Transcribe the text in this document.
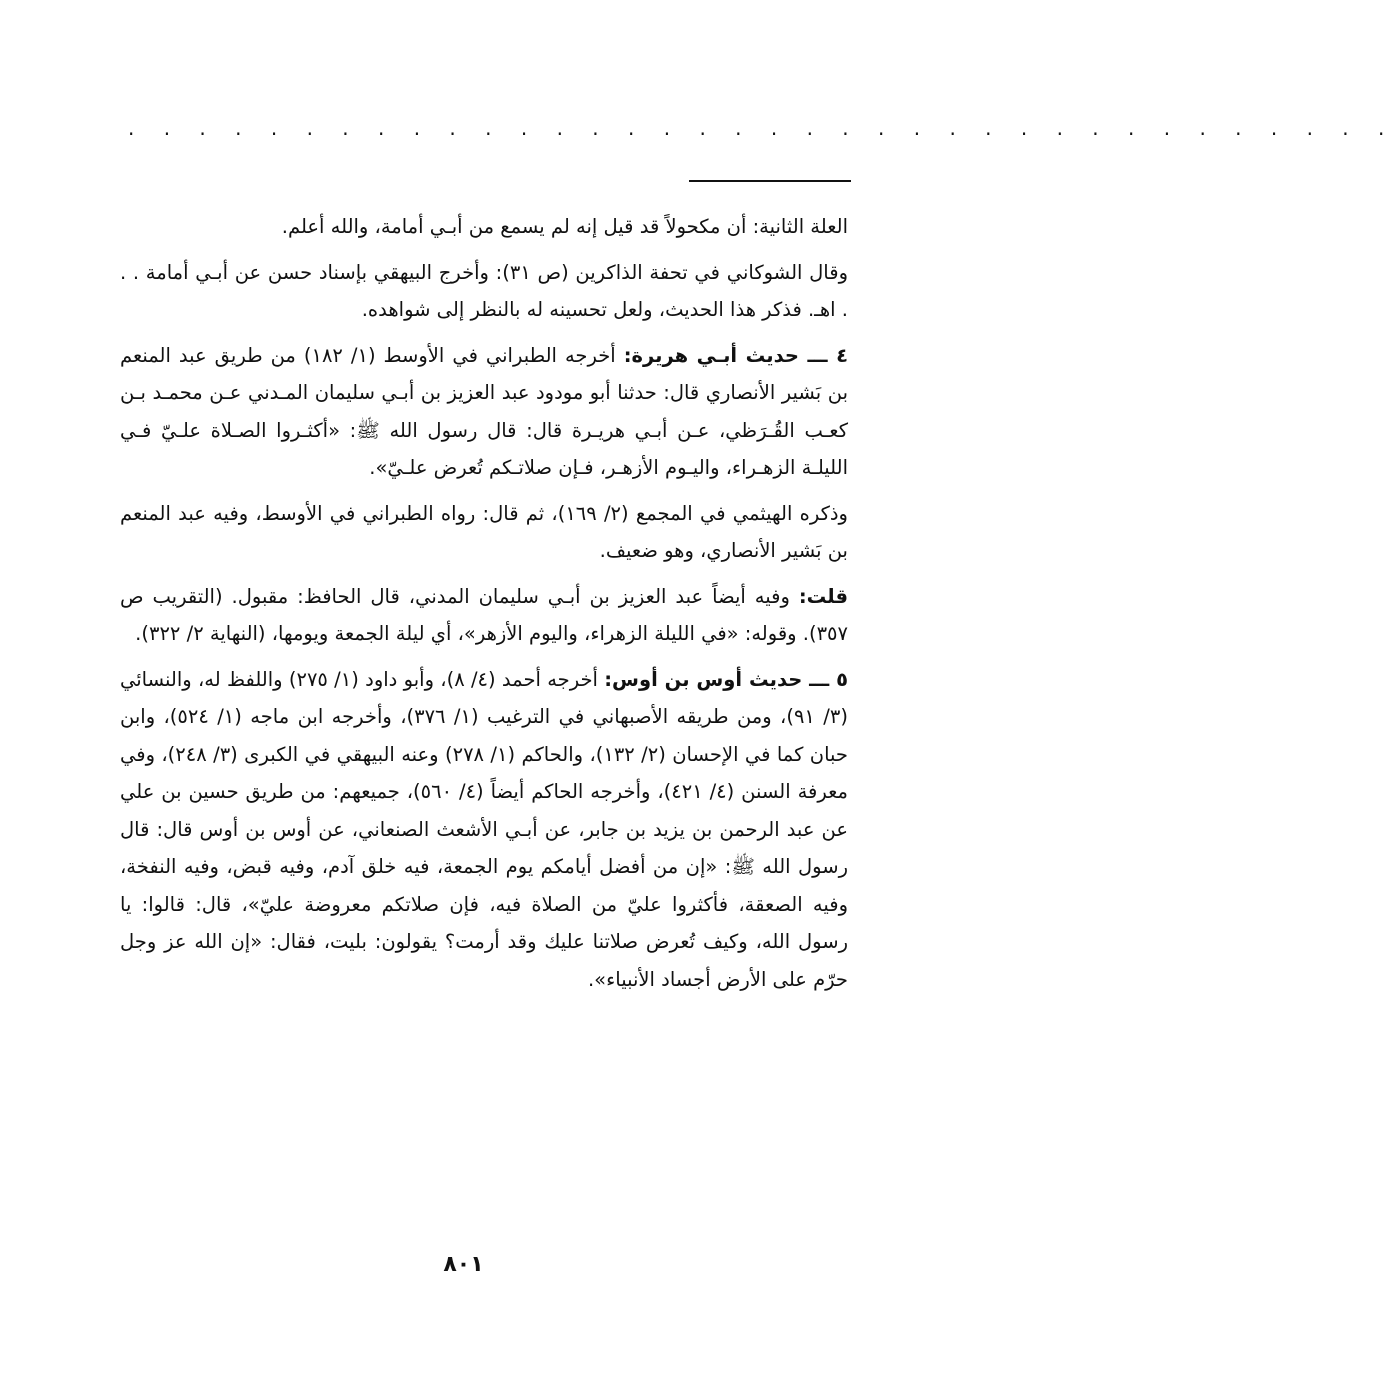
. . . . . . . . . . . . . . . . . . . . . . . . . . . . . . . . . . . .

العلة الثانية: أن مكحولاً قد قيل إنه لم يسمع من أبـي أمامة، والله أعلم.

وقال الشوكاني في تحفة الذاكرين (ص ٣١): وأخرج البيهقي بإسناد حسن عن أبـي أمامة . . . اهـ. فذكر هذا الحديث، ولعل تحسينه له بالنظر إلى شواهده.

٤ ـــ حديث أبـي هريرة: أخرجه الطبراني في الأوسط (١/ ١٨٢) من طريق عبد المنعم بن بَشير الأنصاري قال: حدثنا أبو مودود عبد العزيز بن أبـي سليمان المـدني عـن محمـد بـن كعـب القُـرَظي، عـن أبـي هريـرة قال: قال رسول الله ﷺ: «أكثـروا الصـلاة علـيّ فـي الليلـة الزهـراء، واليـوم الأزهـر، فـإن صلاتـكم تُعرض علـيّ».

وذكره الهيثمي في المجمع (٢/ ١٦٩)، ثم قال: رواه الطبراني في الأوسط، وفيه عبد المنعم بن بَشير الأنصاري، وهو ضعيف.

قلت: وفيه أيضاً عبد العزيز بن أبـي سليمان المدني، قال الحافظ: مقبول. (التقريب ص ٣٥٧). وقوله: «في الليلة الزهراء، واليوم الأزهر»، أي ليلة الجمعة ويومها، (النهاية ٢/ ٣٢٢).

٥ ـــ حديث أوس بن أوس: أخرجه أحمد (٤/ ٨)، وأبو داود (١/ ٢٧٥) واللفظ له، والنسائي (٣/ ٩١)، ومن طريقه الأصبهاني في الترغيب (١/ ٣٧٦)، وأخرجه ابن ماجه (١/ ٥٢٤)، وابن حبان كما في الإحسان (٢/ ١٣٢)، والحاكم (١/ ٢٧٨) وعنه البيهقي في الكبرى (٣/ ٢٤٨)، وفي معرفة السنن (٤/ ٤٢١)، وأخرجه الحاكم أيضاً (٤/ ٥٦٠)، جميعهم: من طريق حسين بن علي عن عبد الرحمن بن يزيد بن جابر، عن أبـي الأشعث الصنعاني، عن أوس بن أوس قال: قال رسول الله ﷺ: «إن من أفضل أيامكم يوم الجمعة، فيه خلق آدم، وفيه قبض، وفيه النفخة، وفيه الصعقة، فأكثروا عليّ من الصلاة فيه، فإن صلاتكم معروضة عليّ»، قال: قالوا: يا رسول الله، وكيف تُعرض صلاتنا عليك وقد أرمت؟ يقولون: بليت، فقال: «إن الله عز وجل حرّم على الأرض أجساد الأنبياء».

٨٠١
